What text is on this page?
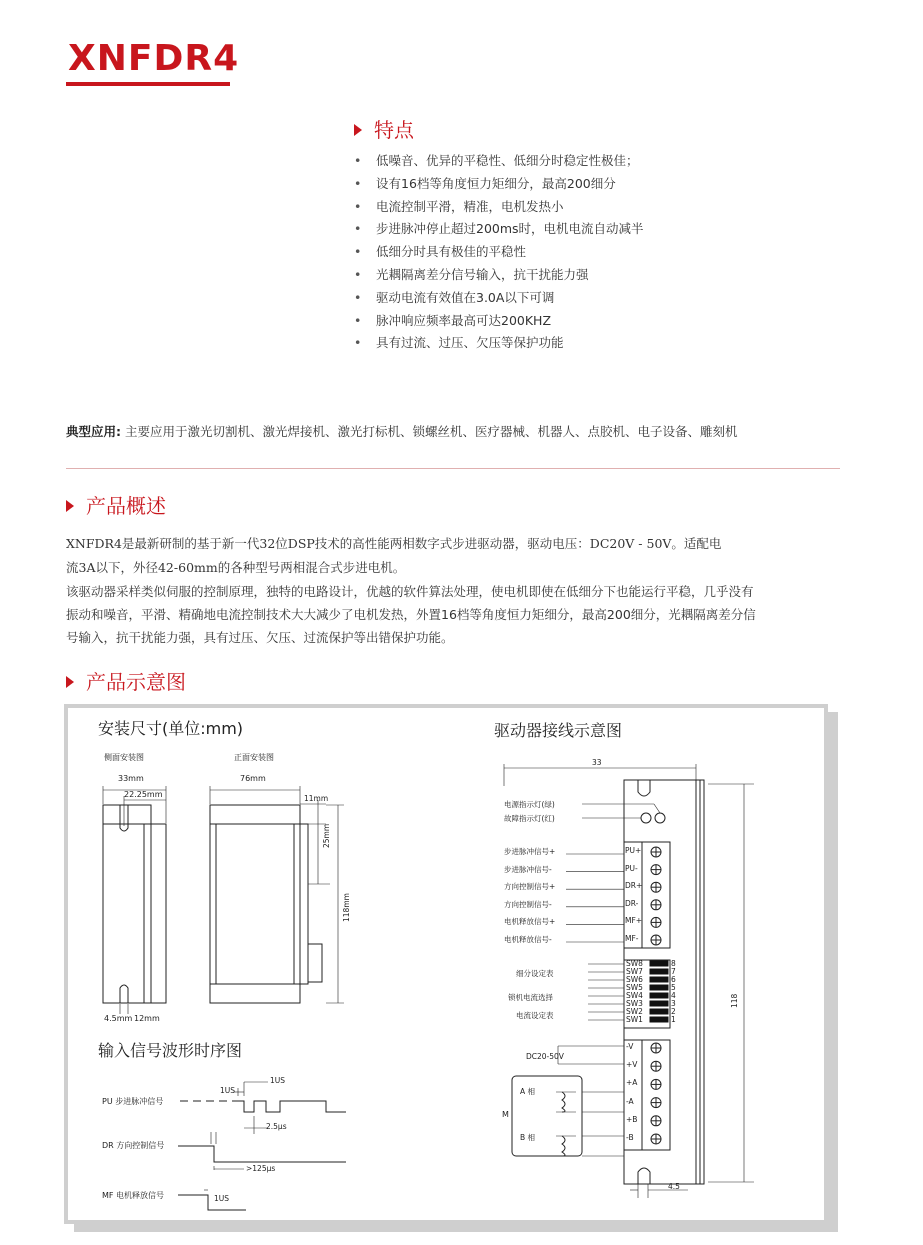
XNFDR4
特点
• 低噪音、优异的平稳性、低细分时稳定性极佳；
• 设有16档等角度恒力矩细分，最高200细分
• 电流控制平滑，精准，电机发热小
• 步进脉冲停止超过200ms时，电机电流自动减半
• 低细分时具有极佳的平稳性
• 光耦隔离差分信号输入，抗干扰能力强
• 驱动电流有效值在3.0A以下可调
• 脉冲响应频率最高可达200KHZ
• 具有过流、过压、欠压等保护功能
典型应用: 主要应用于激光切割机、激光焊接机、激光打标机、锁螺丝机、医疗器械、机器人、点胶机、电子设备、雕刻机
产品概述
XNFDR4是最新研制的基于新一代32位DSP技术的高性能两相数字式步进驱动器，驱动电压：DC20V - 50V。适配电
流3A以下，外径42-60mm的各种型号两相混合式步进电机。
该驱动器采样类似伺服的控制原理，独特的电路设计，优越的软件算法处理，使电机即使在低细分下也能运行平稳，几乎没有
振动和噪音，平滑、精确地电流控制技术大大减少了电机发热，外置16档等角度恒力矩细分，最高200细分，光耦隔离差分信
号输入，抗干扰能力强，具有过压、欠压、过流保护等出错保护功能。
产品示意图
安装尺寸(单位:mm)
侧面安装图	正面安装图
33mm
22.25mm
76mm
11mm
25mm
118mm
4.5mm 12mm
输入信号波形时序图
PU 步进脉冲信号
DR 方向控制信号
MF 电机释放信号
1US
1US
2.5μs
>125μs
1US
驱动器接线示意图
33
118
4.5
电源指示灯(绿)
故障指示灯(红)
步进脉冲信号+	PU+
步进脉冲信号-	PU-
方向控制信号+	DR+
方向控制信号-	DR-
电机释放信号+	MF+
电机释放信号-	MF-
SW8	8
SW7	7
SW6	6
SW5	5
SW4	4
SW3	3
SW2	2
SW1	1
-V
+V
+A
-A
+B
-B
细分设定表
锁机电流选择
电流设定表
DC20-50V
A 相
B 相
M
